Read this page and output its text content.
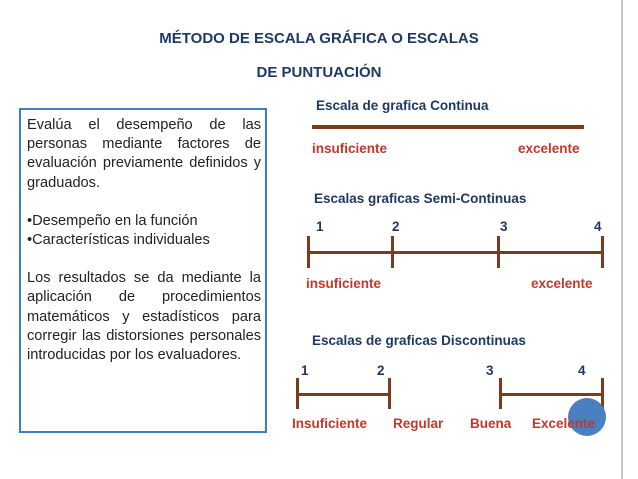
MÉTODO DE ESCALA GRÁFICA O ESCALAS
DE PUNTUACIÓN

Evalúa el desempeño de las personas mediante factores de evaluación previamente definidos y graduados.

•Desempeño en la función
•Características individuales

Los resultados se da mediante la aplicación de procedimientos matemáticos y estadísticos para corregir las distorsiones personales introducidas por los evaluadores.

Escala de grafica Continua
insuficiente	excelente
Escalas graficas Semi-Continuas
1	2	3	4
insuficiente	excelente
Escalas de graficas Discontinuas
1	2	3	4
Insuficiente Regular Buena Excelente
